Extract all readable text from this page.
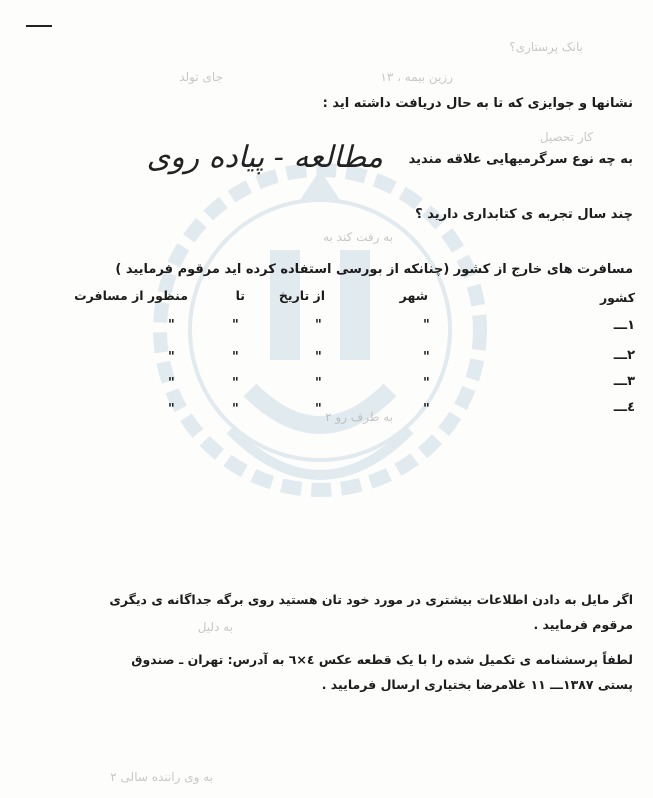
بانک پرستاری؟
رزین بیمه ، ۱۳
جای تولد
کار تحصیل
به رفت کند به
به طرف رو ۲
به دلیل
به وی راننده سالی ۲
نشانها و جوایزی که تا به حال دریافت داشته اید :
به چه نوع سرگرمیهایی علاقه مندید
مطالعه - پیاده روی
چند سال تجربه ی کتابداری دارید ؟
مسافرت های خارج از کشور (چنانکه از بورسی استفاده کرده اید مرقوم فرمایید )
کشور
شهر
از تاریخ
تا
منظور از مسافرت
۱ـــ
"
"
"
"
۲ـــ
"
"
"
"
۳ـــ
"
"
"
"
٤ـــ
"
"
"
"
اگر مایل به دادن اطلاعات بیشتری در مورد خود تان هستید روی برگه جداگانه ی دیگری
مرقوم فرمایید .
لطفاً پرسشنامه ی تکمیل شده را با یک قطعه عکس ٤×٦ به آدرس: تهران ـ صندوق
پستی ١٣٨٧ـــ ١١ غلامرضا بختیاری ارسال فرمایید .
